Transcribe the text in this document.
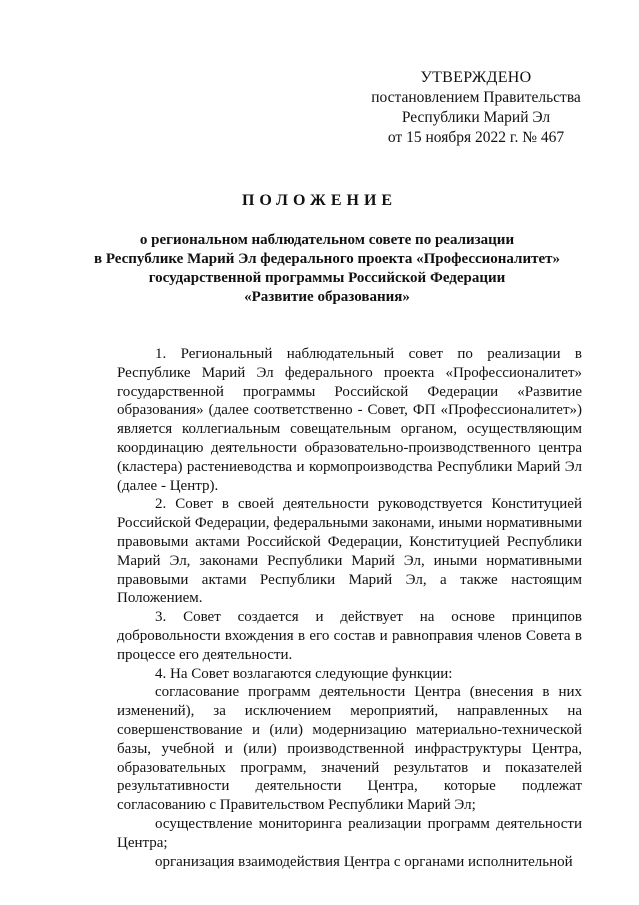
УТВЕРЖДЕНО
постановлением Правительства
Республики Марий Эл
от 15 ноября 2022 г. № 467
ПОЛОЖЕНИЕ
о региональном наблюдательном совете по реализации
в Республике Марий Эл федерального проекта «Профессионалитет»
государственной программы Российской Федерации
«Развитие образования»

1. Региональный наблюдательный совет по реализации в Республике Марий Эл федерального проекта «Профессионалитет» государственной программы Российской Федерации «Развитие образования» (далее соответственно - Совет, ФП «Профессионалитет») является коллегиальным совещательным органом, осуществляющим координацию деятельности образовательно-производственного центра (кластера) растениеводства и кормопроизводства Республики Марий Эл (далее - Центр).

2. Совет в своей деятельности руководствуется Конституцией Российской Федерации, федеральными законами, иными нормативными правовыми актами Российской Федерации, Конституцией Республики Марий Эл, законами Республики Марий Эл, иными нормативными правовыми актами Республики Марий Эл, а также настоящим Положением.

3. Совет создается и действует на основе принципов добровольности вхождения в его состав и равноправия членов Совета в процессе его деятельности.

4. На Совет возлагаются следующие функции:

согласование программ деятельности Центра (внесения в них изменений), за исключением мероприятий, направленных на совершенствование и (или) модернизацию материально-технической базы, учебной и (или) производственной инфраструктуры Центра, образовательных программ, значений результатов и показателей результативности деятельности Центра, которые подлежат согласованию с Правительством Республики Марий Эл;

осуществление мониторинга реализации программ деятельности Центра;

организация взаимодействия Центра с органами исполнительной
